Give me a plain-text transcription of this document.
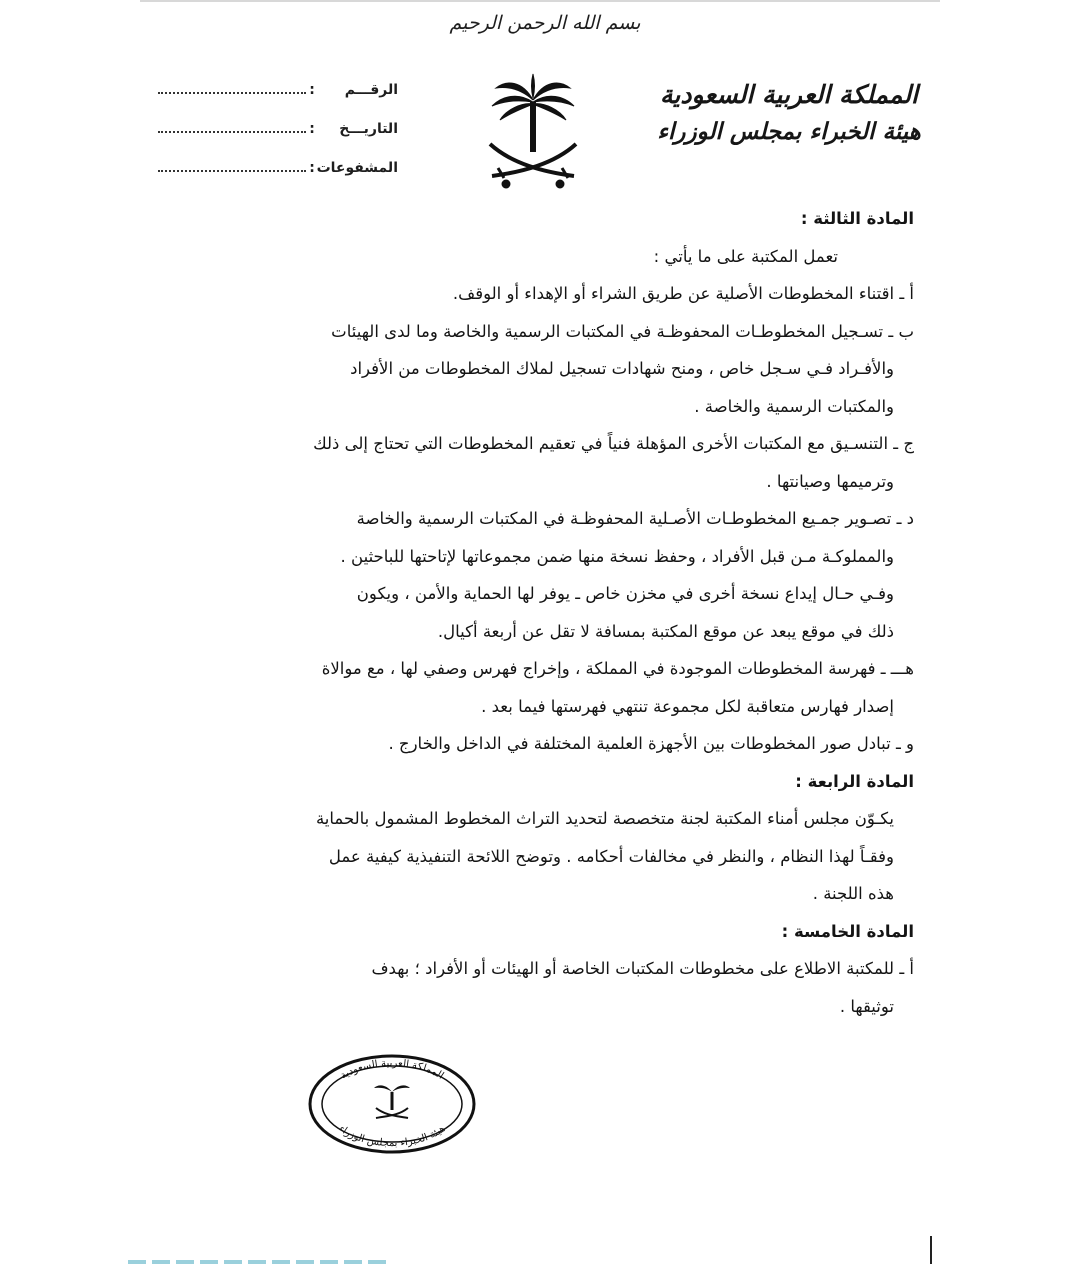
بسم الله الرحمن الرحيم
المملكة العربية السعودية
هيئة الخبراء بمجلس الوزراء
الرقـــم
:
التاريـــخ
:
المشفوعات
:

المادة الثالثة :

تعمل المكتبة على ما يأتي :

أ ـ اقتناء المخطوطات الأصلية عن طريق الشراء أو الإهداء أو الوقف.

ب ـ تسـجيل المخطوطـات المحفوظـة في المكتبات الرسمية والخاصة وما لدى الهيئات

والأفـراد فـي سـجل خاص ، ومنح شهادات تسجيل لملاك المخطوطات من الأفراد

والمكتبات الرسمية والخاصة .

ج ـ التنسـيق مع المكتبات الأخرى المؤهلة فنياً في تعقيم المخطوطات التي تحتاج إلى ذلك

وترميمها وصيانتها .

د ـ تصـوير جمـيع المخطوطـات الأصـلية المحفوظـة في المكتبات الرسمية والخاصة

والمملوكـة مـن قبل الأفراد ، وحفظ نسخة منها ضمن مجموعاتها لإتاحتها للباحثين .

وفـي حـال إيداع نسخة أخرى في مخزن خاص ـ يوفر لها الحماية والأمن ، ويكون

ذلك في موقع يبعد عن موقع المكتبة بمسافة لا تقل عن أربعة أكيال.

هـــ ـ فهرسة المخطوطات الموجودة في المملكة ، وإخراج فهرس وصفي لها ، مع موالاة

إصدار فهارس متعاقبة لكل مجموعة تنتهي فهرستها فيما بعد .

و ـ تبادل صور المخطوطات بين الأجهزة العلمية المختلفة في الداخل والخارج .

المادة الرابعة :

يكـوّن مجلس أمناء المكتبة لجنة متخصصة لتحديد التراث المخطوط المشمول بالحماية

وفقـاً لهذا النظام ، والنظر في مخالفات أحكامه . وتوضح اللائحة التنفيذية كيفية عمل

هذه اللجنة .

المادة الخامسة :

أ ـ للمكتبة الاطلاع على مخطوطات المكتبات الخاصة أو الهيئات أو الأفراد ؛ بهدف

توثيقها .

المملكة العربية السعودية
هيئة الخبراء بمجلس الوزراء
